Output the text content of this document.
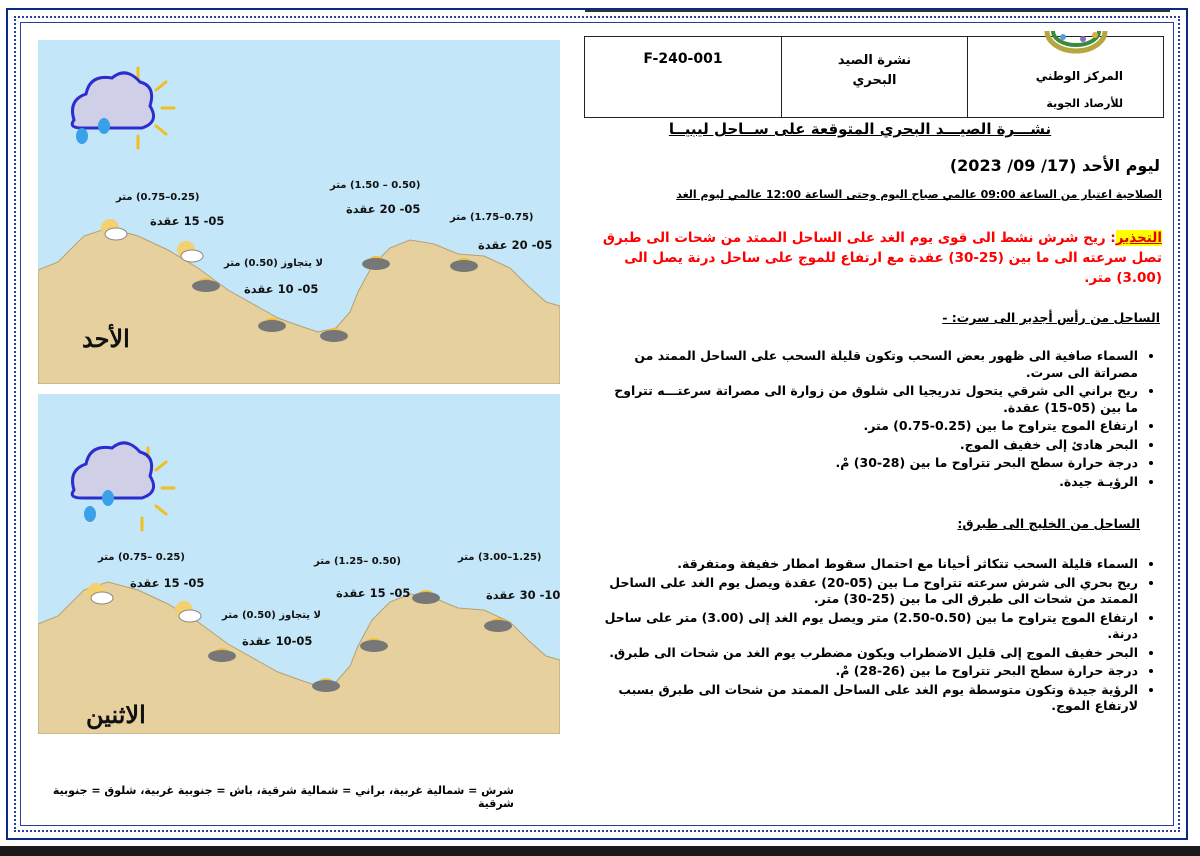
المركز الوطني
للأرصاد الجوية
نشرة الصيد
البحري
F-240-001
نشـــرة الصيـــد البحري المتوقعة على ســاحل ليبيــا
ليوم الأحد (17/ 09/ 2023)
الصلاحية اعتبار من الساعة 09:00 عالمي صباح اليوم وحتى الساعة 12:00 عالمي ليوم الغد
التحذير: ريح شرش نشط الى قوى يوم الغد على الساحل الممتد من شحات الى طبرق تصل سرعته الى ما بين (25-30) عقدة مع ارتفاع للموج على ساحل درنة يصل الى (3.00) متر.
الساحل من رأس أجدير الى سرت: -
• السماء صافية الى ظهور بعض السحب وتكون قليلة السحب على الساحل الممتد من مصراتة الى سرت.
• ريح براني الى شرقي يتحول تدريجيا الى شلوق من زوارة الى مصراتة سرعتـــه تتراوح ما بين (05-15) عقدة.
• ارتفاع الموج يتراوح ما بين (0.25-0.75) متر.
• البحر هادئ إلى خفيف الموج.
• درجة حرارة سطح البحر تتراوح ما بين (28-30) مْ.
• الرؤيـة جيدة.
الساحل من الخليج الى طبرق:
• السماء قليلة السحب تتكاثر أحيانا مع احتمال سقوط امطار خفيفة ومتفرقة.
• ريح بحري الى شرش سرعته تتراوح مـا بين (05-20) عقدة ويصل يوم الغد على الساحل الممتد من شحات الى طبرق الى ما بين (25-30) متر.
• ارتفاع الموج يتراوح ما بين (0.50-2.50) متر ويصل يوم الغد إلى (3.00) متر على ساحل درنة.
• البحر خفيف الموج إلى قليل الاضطراب ويكون مضطرب يوم الغد من شحات الى طبرق.
• درجة حرارة سطح البحر تتراوح ما بين (26-28) مْ.
• الرؤية جيدة وتكون متوسطة يوم الغد على الساحل الممتد من شحات الى طبرق بسبب لارتفاع الموج.
(0.25–0.75) متر
05- 15 عقدة
(0.50 – 1.50) متر
05- 20 عقدة
(0.75–1.75) متر
05- 20 عقدة
لا يتجاوز (0.50) متر
05- 10 عقدة
الأحد
(0.25 –0.75) متر
05- 15 عقدة
(0.50 –1.25) متر
05- 15 عقدة
(1.25–3.00) متر
10- 30 عقدة
لا يتجاوز (0.50) متر
10-05 عقدة
الاثنين
شرش = شمالية غربية، براني = شمالية شرقية، باش = جنوبية غربية، شلوق = جنوبية شرقية
